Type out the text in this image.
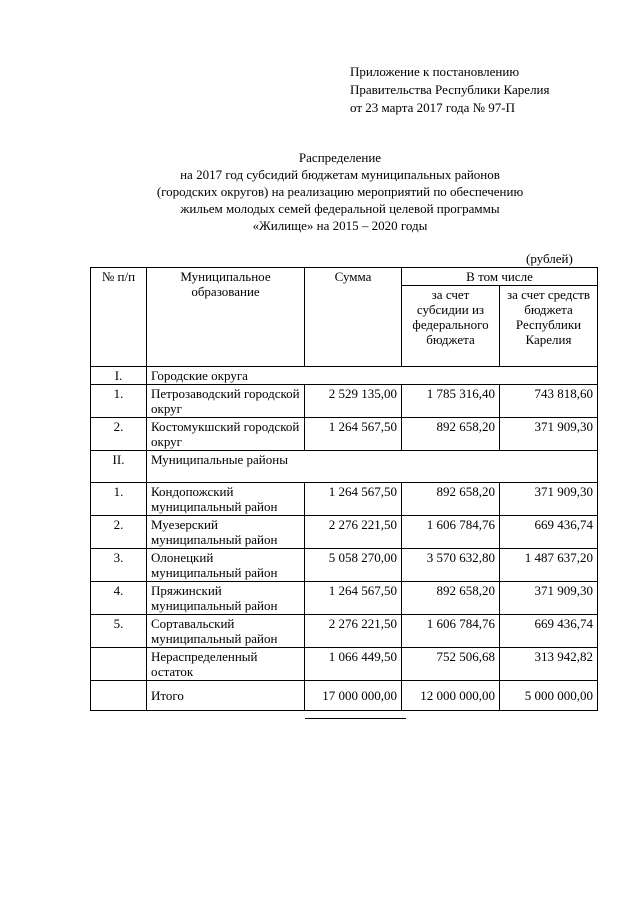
Приложение к постановлению
Правительства Республики Карелия
от 23 марта 2017 года № 97-П
Распределение
на 2017 год субсидий бюджетам муниципальных районов
(городских округов) на реализацию мероприятий по обеспечению
жильем молодых семей федеральной целевой программы
«Жилище» на 2015 – 2020 годы
(рублей)
№ п/п	Муниципальное образование	Сумма	В том числе	
			за счет субсидии из федерального бюджета	за счет средств бюджета Республики Карелия
I.	Городские округа			
1.	Петрозаводский городской округ	2 529 135,00	1 785 316,40	743 818,60
2.	Костомукшский городской округ	1 264 567,50	892 658,20	371 909,30
II.	Муниципальные районы			
1.	Кондопожский муниципальный район	1 264 567,50	892 658,20	371 909,30
2.	Муезерский муниципальный район	2 276 221,50	1 606 784,76	669 436,74
3.	Олонецкий муниципальный район	5 058 270,00	3 570 632,80	1 487 637,20
4.	Пряжинский муниципальный район	1 264 567,50	892 658,20	371 909,30
5.	Сортавальский муниципальный район	2 276 221,50	1 606 784,76	669 436,74
	Нераспределенный остаток	1 066 449,50	752 506,68	313 942,82
	Итого	17 000 000,00	12 000 000,00	5 000 000,00
